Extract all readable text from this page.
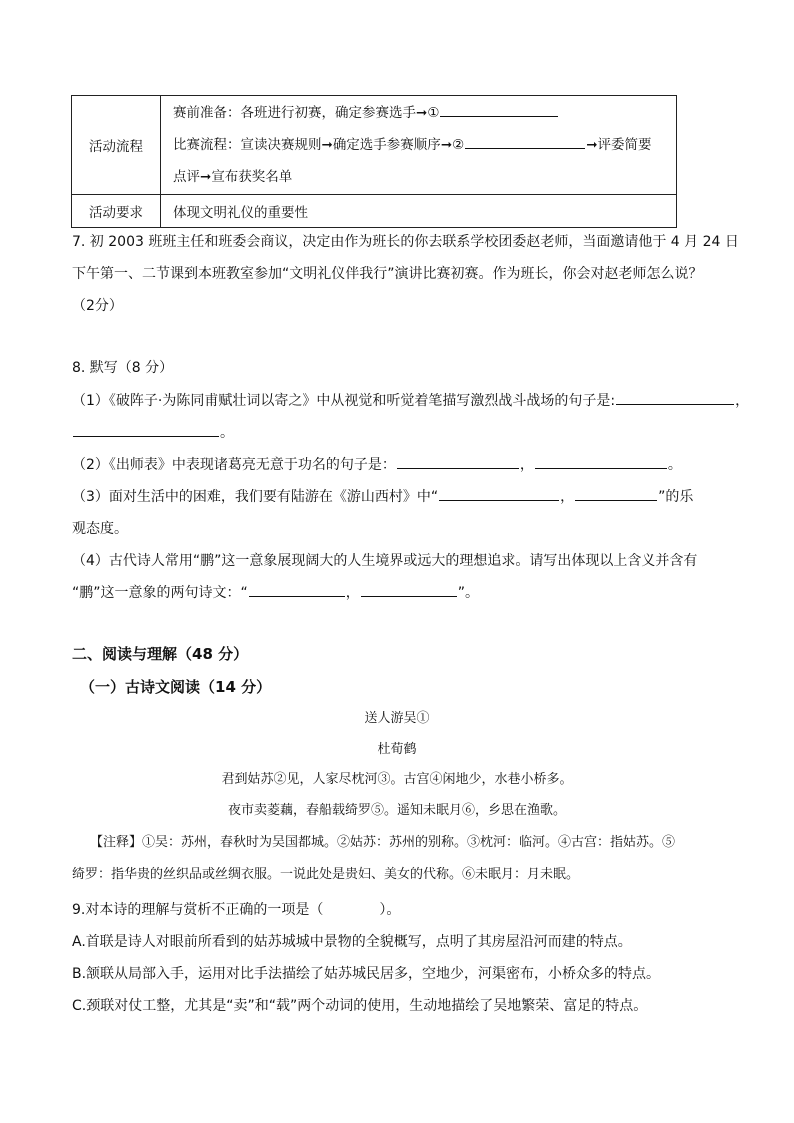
活动流程	赛前准备：各班进行初赛，确定参赛选手➞①
比赛流程：宣读决赛规则➞确定选手参赛顺序➞② ➞评委简要
点评➞宣布获奖名单

活动要求	体现文明礼仪的重要性
7. 初 2003 班班主任和班委会商议，决定由作为班长的你去联系学校团委赵老师，当面邀请他于 4 月 24 日
下午第一、二节课到本班教室参加“文明礼仪伴我行”演讲比赛初赛。作为班长，你会对赵老师怎么说？
（2分）
8. 默写（8 分）
（1）《破阵子·为陈同甫赋壮词以寄之》中从视觉和听觉着笔描写激烈战斗战场的句子是:	，
。
（2）《出师表》中表现诸葛亮无意于功名的句子是：	，	。
（3）面对生活中的困难，我们要有陆游在《游山西村》中“	，	”的乐
观态度。
（4）古代诗人常用“鹏”这一意象展现阔大的人生境界或远大的理想追求。请写出体现以上含义并含有
“鹏”这一意象的两句诗文：“	，	”。
二、阅读与理解（48 分）
（一）古诗文阅读（14 分）
送人游吴①
杜荀鹤
君到姑苏②见，人家尽枕河③。古宫④闲地少，水巷小桥多。
夜市卖菱藕，春船载绮罗⑤。遥知未眠月⑥，乡思在渔歌。
【注释】①吴：苏州，春秋时为吴国都城。②姑苏：苏州的别称。③枕河：临河。④古宫：指姑苏。⑤
绮罗：指华贵的丝织品或丝绸衣服。一说此处是贵妇、美女的代称。⑥未眠月：月未眠。
9.对本诗的理解与赏析不正确的一项是（　　　　）。
A.首联是诗人对眼前所看到的姑苏城城中景物的全貌概写，点明了其房屋沿河而建的特点。
B.颔联从局部入手，运用对比手法描绘了姑苏城民居多，空地少，河渠密布，小桥众多的特点。
C.颈联对仗工整，尤其是“卖”和“载”两个动词的使用，生动地描绘了吴地繁荣、富足的特点。
